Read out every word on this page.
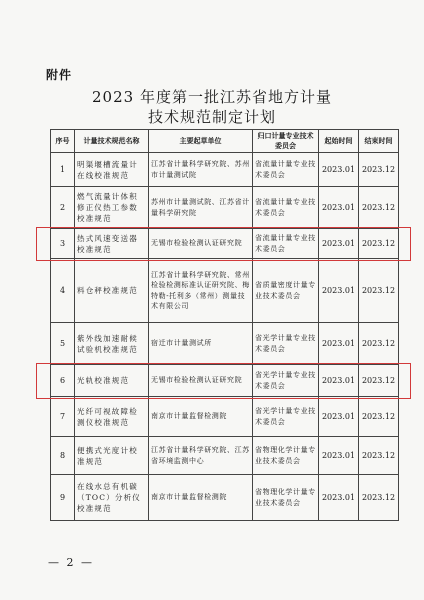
附件
2023 年度第一批江苏省地方计量
技术规范制定计划
序号	计量技术规范名称	主要起草单位	归口计量专业技术委员会	起始时间	结束时间
1	明渠堰槽流量计在线校准规范	江苏省计量科学研究院、苏州市计量测试院	省流量计量专业技术委员会	2023.01	2023.12
2	燃气流量计体积修正仪热工参数校准规范	苏州市计量测试院、江苏省计量科学研究院	省流量计量专业技术委员会	2023.01	2023.12
3	热式风速变送器校准规范	无锡市检验检测认证研究院	省流量计量专业技术委员会	2023.01	2023.12
4	料仓秤校准规范	江苏省计量科学研究院、常州检验检测标准认证研究院、梅特勒-托利多（常州）测量技术有限公司	省质量密度计量专业技术委员会	2023.01	2023.12
5	紫外线加速耐候试验机校准规范	宿迁市计量测试所	省光学计量专业技术委员会	2023.01	2023.12
6	光轨校准规范	无锡市检验检测认证研究院	省光学计量专业技术委员会	2023.01	2023.12
7	光纤可视故障检测仪校准规范	南京市计量监督检测院	省光学计量专业技术委员会	2023.01	2023.12
8	便携式光度计校准规范	江苏省计量科学研究院、江苏省环境监测中心	省物理化学计量专业技术委员会	2023.01	2023.12
9	在线水总有机碳（TOC）分析仪校准规范	南京市计量监督检测院	省物理化学计量专业技术委员会	2023.01	2023.12
— 2 —
